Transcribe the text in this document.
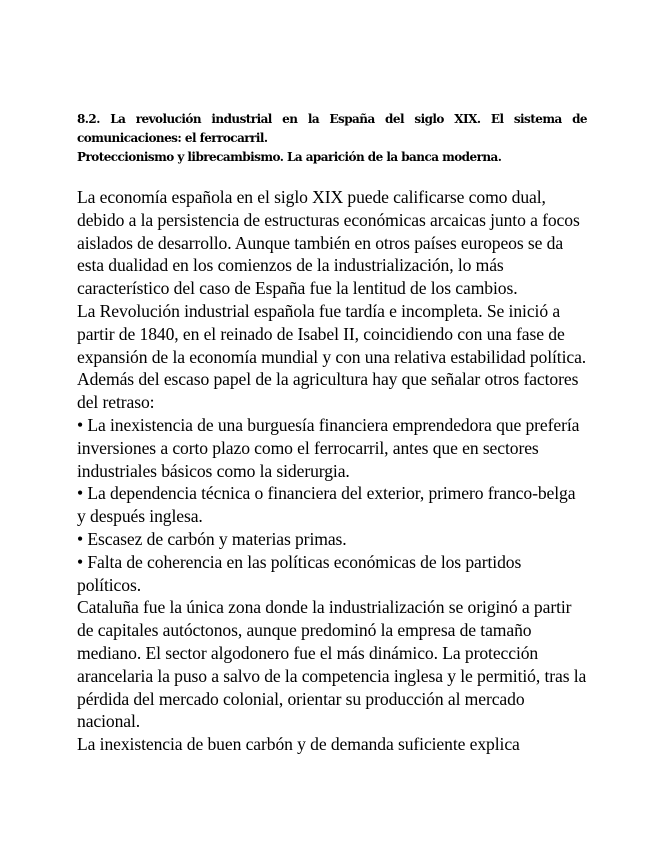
8.2. La revolución industrial en la España del siglo XIX. El sistema de comunicaciones: el ferrocarril.

Proteccionismo y librecambismo. La aparición de la banca moderna.

La economía española en el siglo XIX puede calificarse como dual, debido a la persistencia de estructuras económicas arcaicas junto a focos aislados de desarrollo. Aunque también en otros países europeos se da esta dualidad en los comienzos de la industrialización, lo más característico del caso de España fue la lentitud de los cambios.

La Revolución industrial española fue tardía e incompleta. Se inició a partir de 1840, en el reinado de Isabel II, coincidiendo con una fase de expansión de la economía mundial y con una relativa estabilidad política.

Además del escaso papel de la agricultura hay que señalar otros factores del retraso:

• La inexistencia de una burguesía financiera emprendedora que prefería inversiones a corto plazo como el ferrocarril, antes que en sectores industriales básicos como la siderurgia.

• La dependencia técnica o financiera del exterior, primero franco-belga y después inglesa.

• Escasez de carbón y materias primas.

• Falta de coherencia en las políticas económicas de los partidos políticos.

Cataluña fue la única zona donde la industrialización se originó a partir de capitales autóctonos, aunque predominó la empresa de tamaño mediano. El sector algodonero fue el más dinámico. La protección arancelaria la puso a salvo de la competencia inglesa y le permitió, tras la pérdida del mercado colonial, orientar su producción al mercado nacional.

La inexistencia de buen carbón y de demanda suficiente explica
